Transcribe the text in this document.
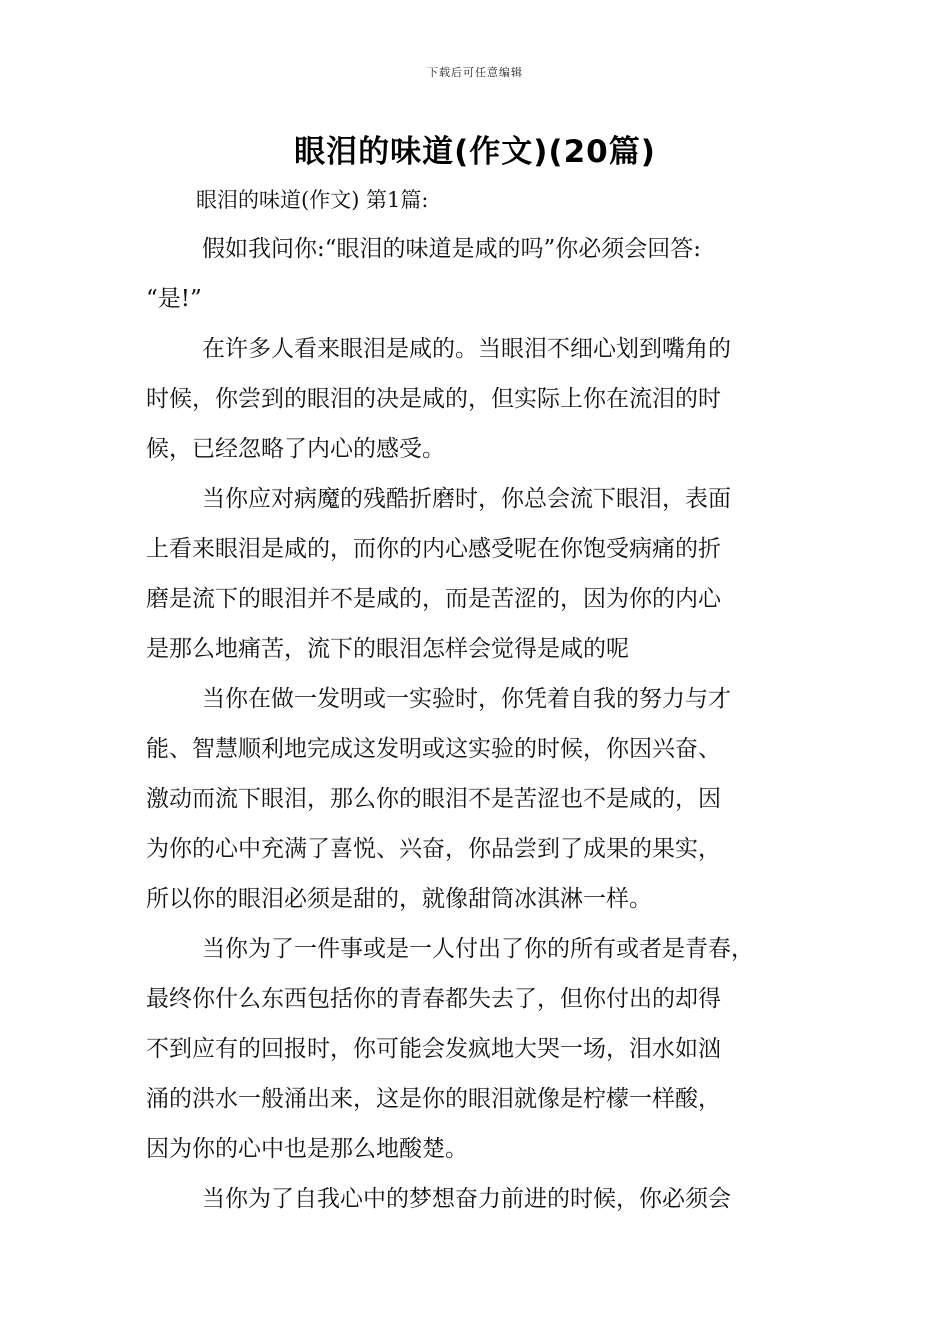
下载后可任意编辑
眼泪的味道(作文)(20篇)
眼泪的味道(作文) 第1篇:
假如我问你:“眼泪的味道是咸的吗”你必须会回答:
“是!”
在许多人看来眼泪是咸的。当眼泪不细心划到嘴角的
时候，你尝到的眼泪的决是咸的，但实际上你在流泪的时
候，已经忽略了内心的感受。
当你应对病魔的残酷折磨时，你总会流下眼泪，表面
上看来眼泪是咸的，而你的内心感受呢在你饱受病痛的折
磨是流下的眼泪并不是咸的，而是苦涩的，因为你的内心
是那么地痛苦，流下的眼泪怎样会觉得是咸的呢
当你在做一发明或一实验时，你凭着自我的努力与才
能、智慧顺利地完成这发明或这实验的时候，你因兴奋、
激动而流下眼泪，那么你的眼泪不是苦涩也不是咸的，因
为你的心中充满了喜悦、兴奋，你品尝到了成果的果实，
所以你的眼泪必须是甜的，就像甜筒冰淇淋一样。
当你为了一件事或是一人付出了你的所有或者是青春，
最终你什么东西包括你的青春都失去了，但你付出的却得
不到应有的回报时，你可能会发疯地大哭一场，泪水如汹
涌的洪水一般涌出来，这是你的眼泪就像是柠檬一样酸，
因为你的心中也是那么地酸楚。
当你为了自我心中的梦想奋力前进的时候，你必须会
